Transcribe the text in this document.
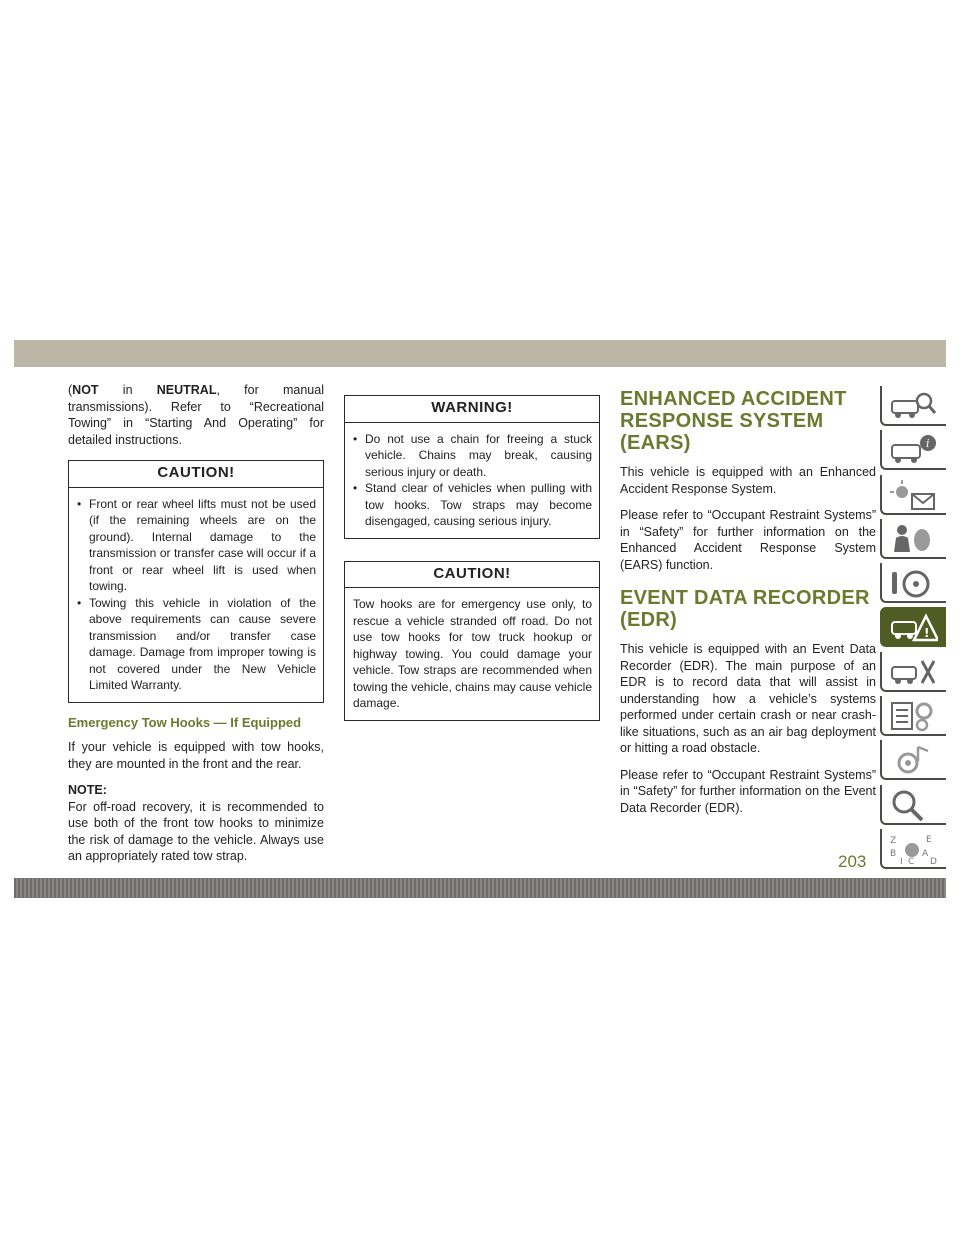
(NOT in NEUTRAL, for manual transmissions). Refer to “Recreational Towing” in “Starting And Operating” for detailed instructions.

CAUTION!
• Front or rear wheel lifts must not be used (if the remaining wheels are on the ground). Internal damage to the transmission or transfer case will occur if a front or rear wheel lift is used when towing.
• Towing this vehicle in violation of the above requirements can cause severe transmission and/or transfer case damage. Damage from improper towing is not covered under the New Vehicle Limited Warranty.
Emergency Tow Hooks — If Equipped

If your vehicle is equipped with tow hooks, they are mounted in the front and the rear.

NOTE:

For off-road recovery, it is recommended to use both of the front tow hooks to minimize the risk of damage to the vehicle. Always use an appropriately rated tow strap.

WARNING!
• Do not use a chain for freeing a stuck vehicle. Chains may break, causing serious injury or death.
• Stand clear of vehicles when pulling with tow hooks. Tow straps may become disengaged, causing serious injury.
CAUTION!

Tow hooks are for emergency use only, to rescue a vehicle stranded off road. Do not use tow hooks for tow truck hookup or highway towing. You could damage your vehicle. Tow straps are recommended when towing the vehicle, chains may cause vehicle damage.

ENHANCED ACCIDENT RESPONSE SYSTEM (EARS)

This vehicle is equipped with an Enhanced Accident Response System.

Please refer to “Occupant Restraint Systems” in “Safety” for further information on the Enhanced Accident Response System (EARS) function.

EVENT DATA RECORDER (EDR)

This vehicle is equipped with an Event Data Recorder (EDR). The main purpose of an EDR is to record data that will assist in understanding how a vehicle’s systems performed under certain crash or near crash-like situations, such as an air bag deployment or hitting a road obstacle.

Please refer to “Occupant Restraint Systems” in “Safety” for further information on the Event Data Recorder (EDR).

i
!
Z	E
B	A
I C D
203
